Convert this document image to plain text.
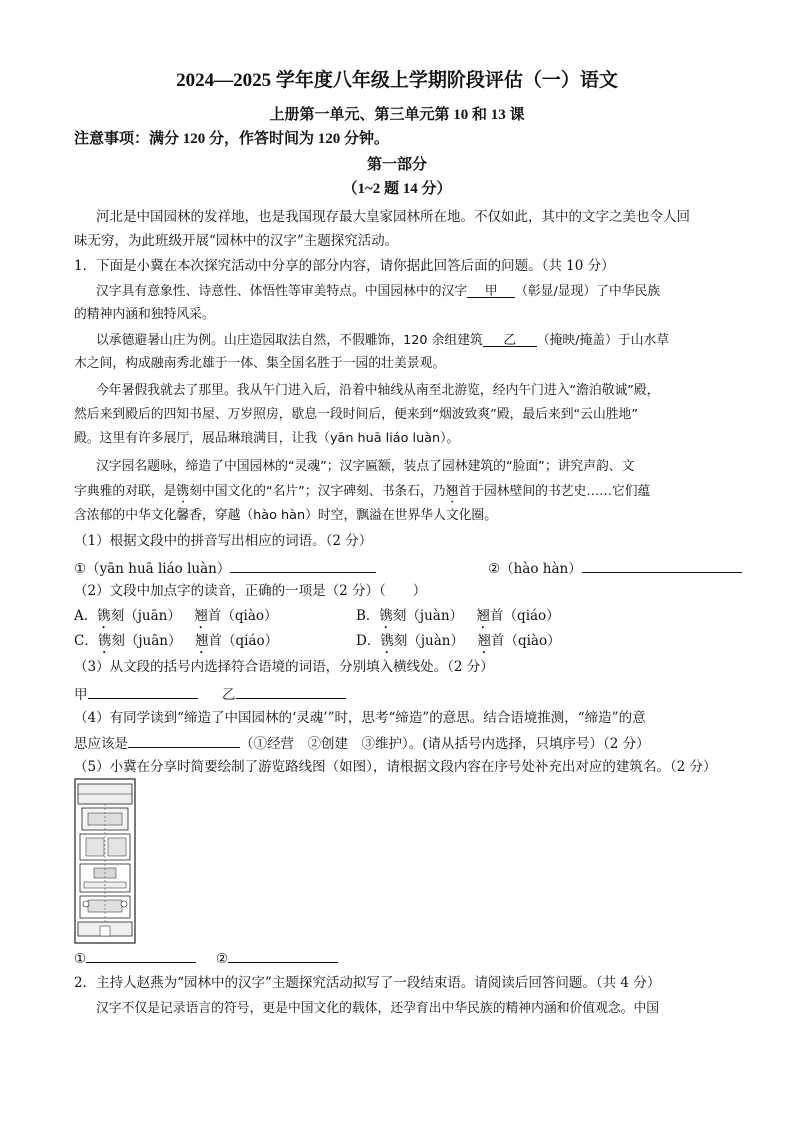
2024—2025 学年度八年级上学期阶段评估（一）语文
上册第一单元、第三单元第 10 和 13 课
注意事项：满分 120 分，作答时间为 120 分钟。
第一部分
（1~2 题 14 分）
河北是中国园林的发祥地，也是我国现存最大皇家园林所在地。不仅如此，其中的文字之美也令人回
味无穷，为此班级开展“园林中的汉字”主题探究活动。
1．下面是小冀在本次探究活动中分享的部分内容，请你据此回答后面的问题。（共 10 分）
汉字具有意象性、诗意性、体悟性等审美特点。中国园林中的汉字 甲 （彰显/显现）了中华民族
的精神内涵和独特风采。
以承德避暑山庄为例。山庄造园取法自然，不假雕饰，120 余组建筑 乙 （掩映/掩盖）于山水草
木之间，构成融南秀北雄于一体、集全国名胜于一园的壮美景观。
今年暑假我就去了那里。我从午门进入后，沿着中轴线从南至北游览，经内午门进入“澹泊敬诚”殿，
然后来到殿后的四知书屋、万岁照房，歇息一段时间后，便来到“烟波致爽”殿，最后来到“云山胜地”
殿。这里有许多展厅，展品琳琅满目，让我（yān huā liáo luàn）。
汉字园名题咏，缔造了中国园林的“灵魂”；汉字匾额，装点了园林建筑的“脸面”；讲究声韵、文
字典雅的对联，是镌刻中国文化的“名片”；汉字碑刻、书条石，乃翘首于园林壁间的书艺史……它们蕴
含浓郁的中华文化馨香，穿越（hào hàn）时空，飘溢在世界华人文化圈。
（1）根据文段中的拼音写出相应的词语。（2 分）
①（yān huā liáo luàn）	②（hào hàn）
（2）文段中加点字的读音，正确的一项是（2 分）（　　）
A．镌刻（juān）  翘首（qiào）	B．镌刻（juàn）  翘首（qiáo）
C．镌刻（juān）  翘首（qiáo）	D．镌刻（juàn）  翘首（qiào）
（3）从文段的括号内选择符合语境的词语，分别填入横线处。（2 分）
甲	乙
（4）有同学读到“缔造了中国园林的‘灵魂’”时，思考“缔造”的意思。结合语境推测，“缔造”的意
思应该是	（①经营　②创建　③维护）。(请从括号内选择，只填序号）（2 分）
（5）小冀在分享时简要绘制了游览路线图（如图），请根据文段内容在序号处补充出对应的建筑名。（2 分）
①	②
2．主持人赵燕为“园林中的汉字”主题探究活动拟写了一段结束语。请阅读后回答问题。（共 4 分）
汉字不仅是记录语言的符号，更是中国文化的载体，还孕育出中华民族的精神内涵和价值观念。中国
